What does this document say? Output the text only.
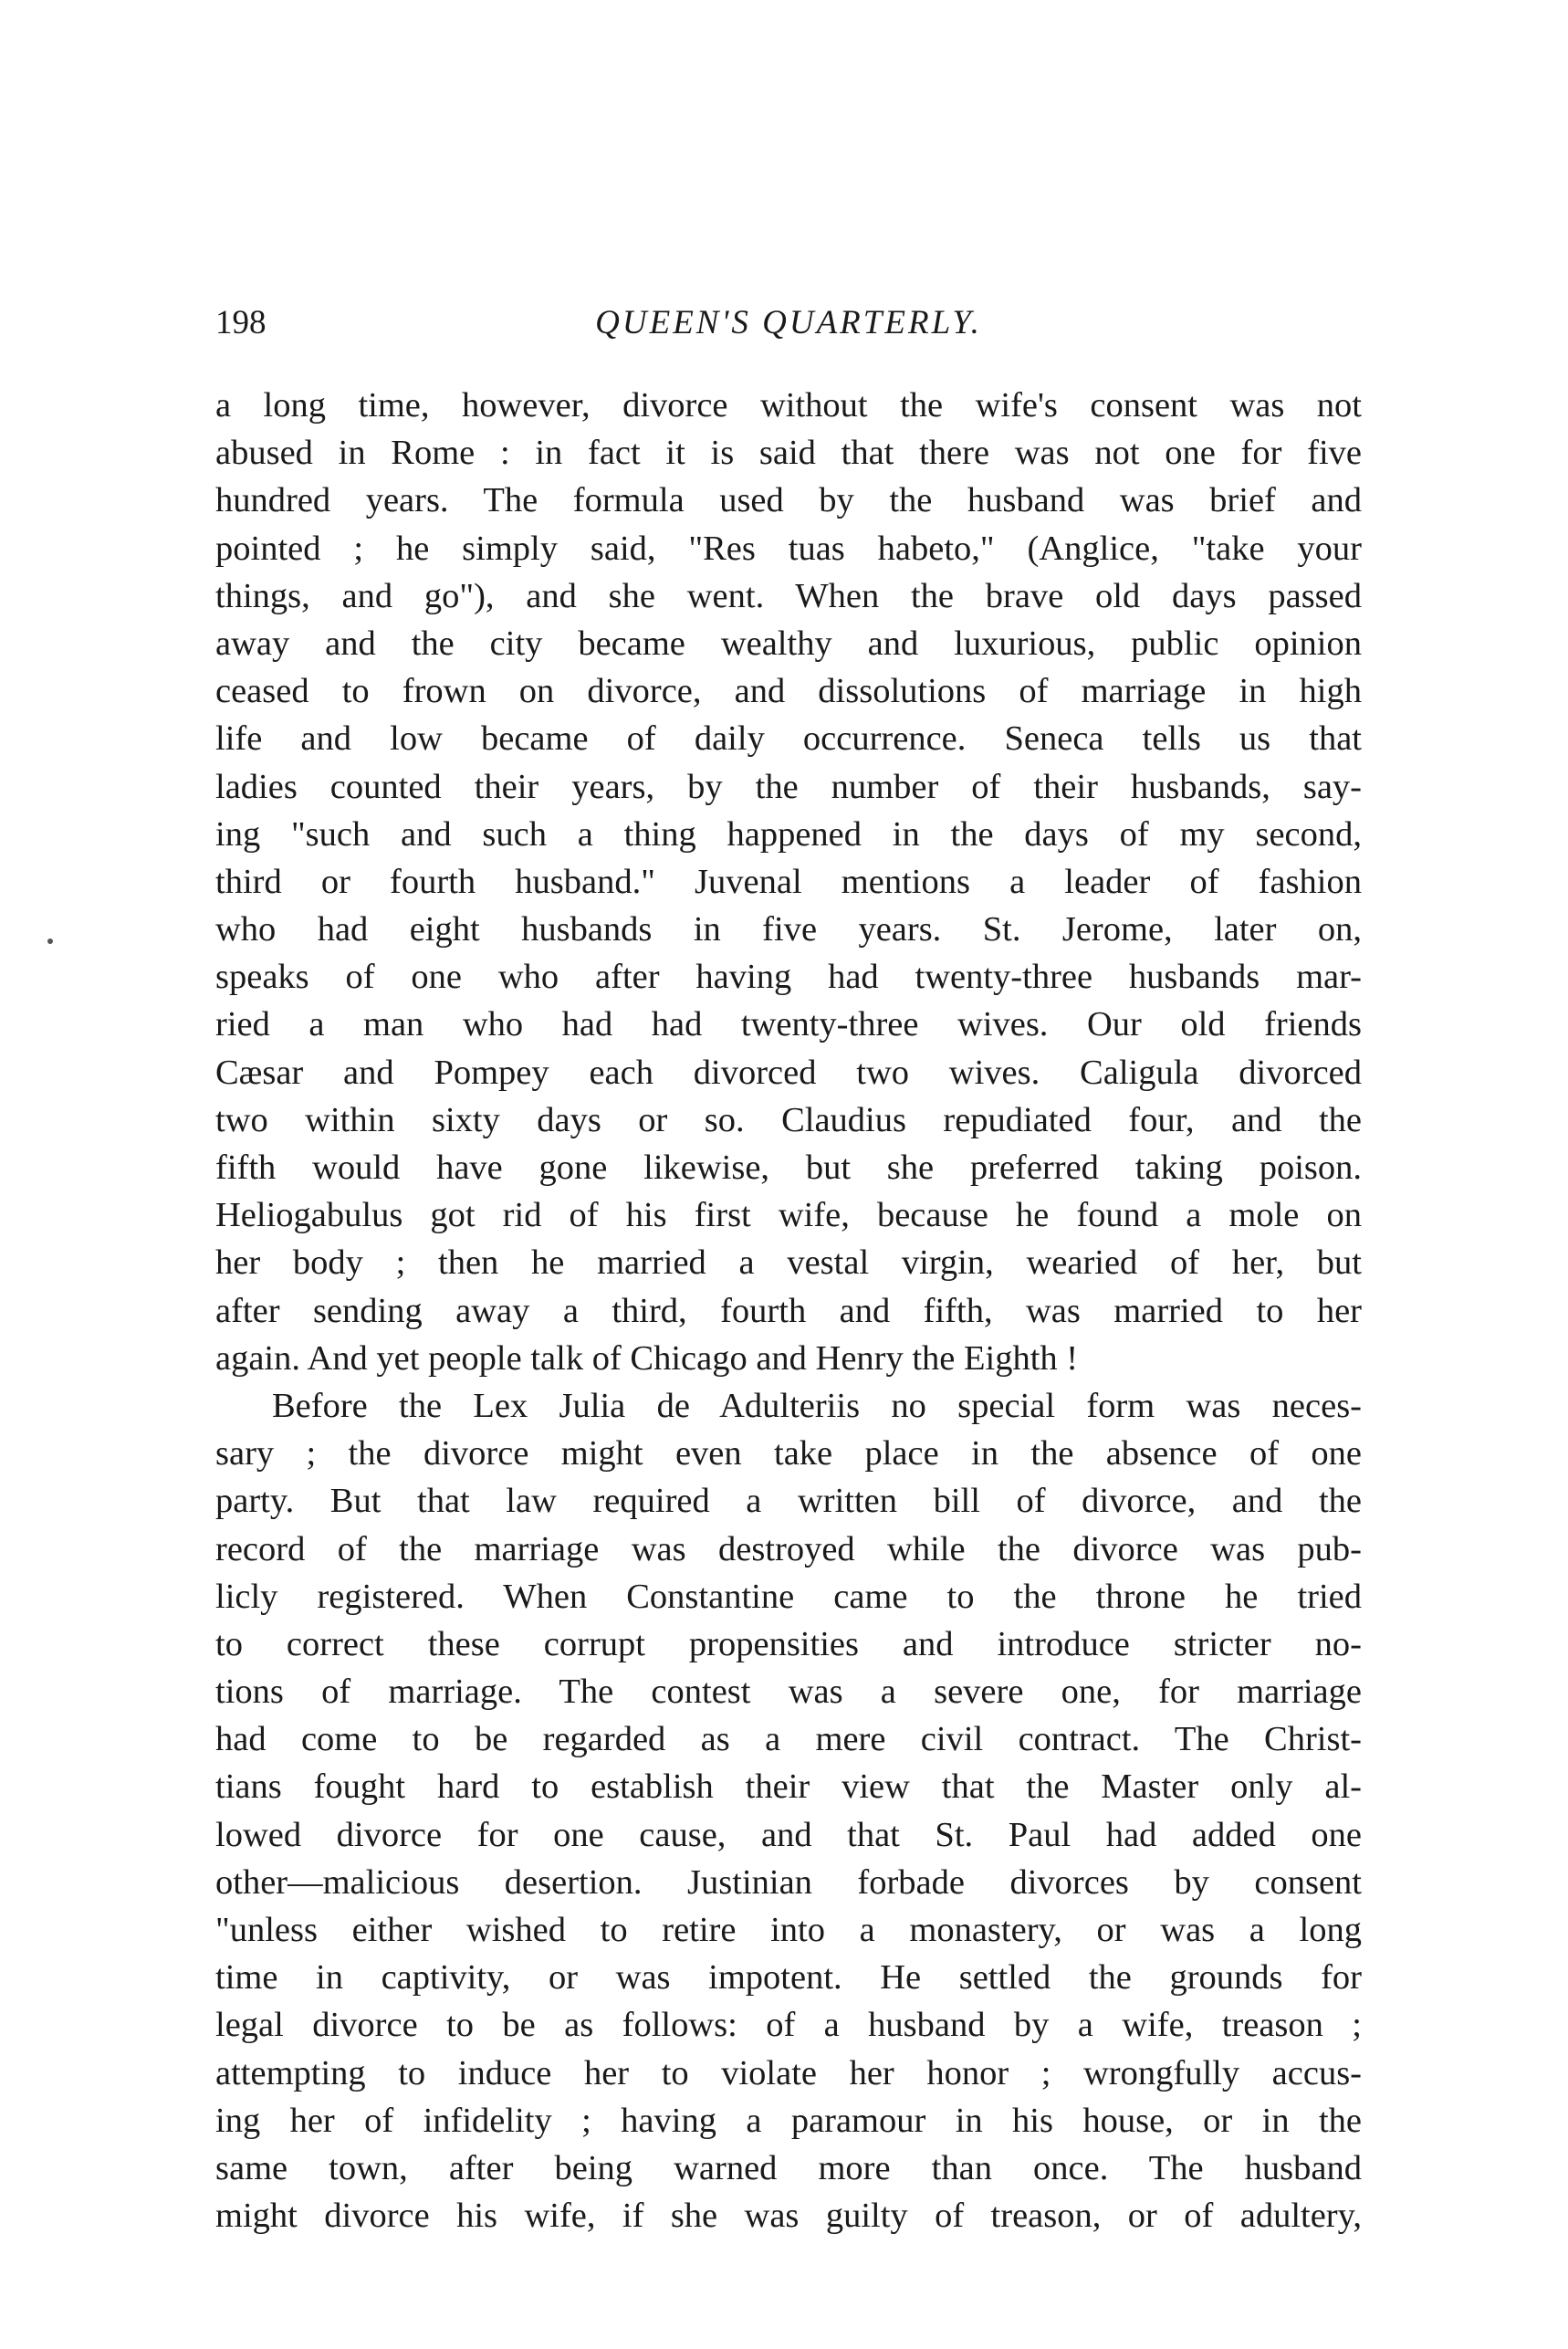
198	QUEEN'S QUARTERLY.
a long time, however, divorce without the wife's consent was not
abused in Rome : in fact it is said that there was not one for five
hundred years. The formula used by the husband was brief and
pointed ; he simply said, "Res tuas habeto," (Anglice, "take your
things, and go"), and she went. When the brave old days passed
away and the city became wealthy and luxurious, public opinion
ceased to frown on divorce, and dissolutions of marriage in high
life and low became of daily occurrence. Seneca tells us that
ladies counted their years, by the number of their husbands, say-
ing "such and such a thing happened in the days of my second,
third or fourth husband." Juvenal mentions a leader of fashion
who had eight husbands in five years. St. Jerome, later on,
speaks of one who after having had twenty-three husbands mar-
ried a man who had had twenty-three wives. Our old friends
Cæsar and Pompey each divorced two wives. Caligula divorced
two within sixty days or so. Claudius repudiated four, and the
fifth would have gone likewise, but she preferred taking poison.
Heliogabulus got rid of his first wife, because he found a mole on
her body ; then he married a vestal virgin, wearied of her, but
after sending away a third, fourth and fifth, was married to her
again. And yet people talk of Chicago and Henry the Eighth !
Before the Lex Julia de Adulteriis no special form was neces-
sary ; the divorce might even take place in the absence of one
party. But that law required a written bill of divorce, and the
record of the marriage was destroyed while the divorce was pub-
licly registered. When Constantine came to the throne he tried
to correct these corrupt propensities and introduce stricter no-
tions of marriage. The contest was a severe one, for marriage
had come to be regarded as a mere civil contract. The Christ-
tians fought hard to establish their view that the Master only al-
lowed divorce for one cause, and that St. Paul had added one
other—malicious desertion. Justinian forbade divorces by consent
"unless either wished to retire into a monastery, or was a long
time in captivity, or was impotent. He settled the grounds for
legal divorce to be as follows: of a husband by a wife, treason ;
attempting to induce her to violate her honor ; wrongfully accus-
ing her of infidelity ; having a paramour in his house, or in the
same town, after being warned more than once. The husband
might divorce his wife, if she was guilty of treason, or of adultery,
